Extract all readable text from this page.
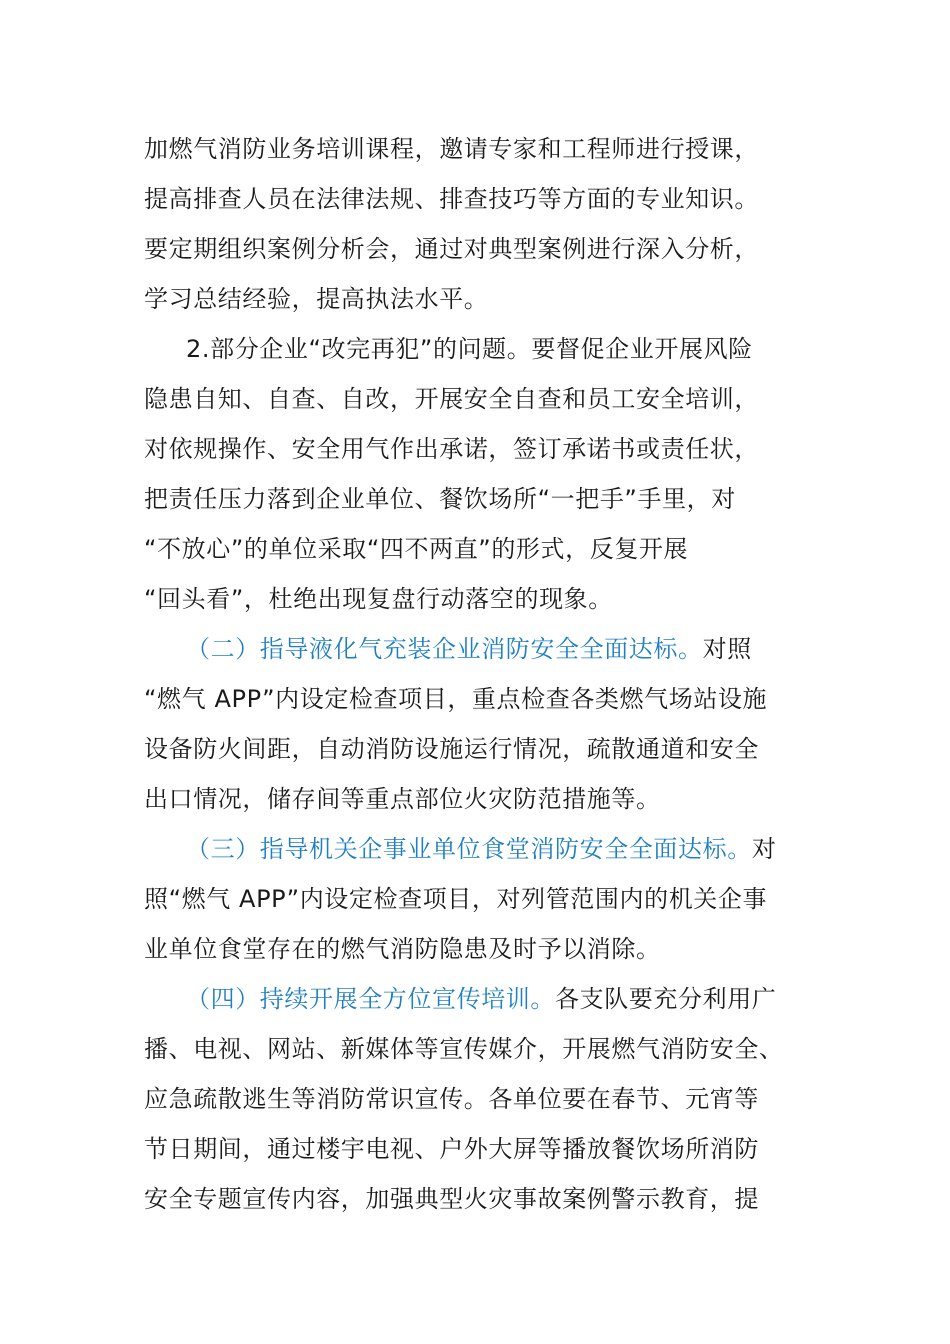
加燃气消防业务培训课程，邀请专家和工程师进行授课，
提高排查人员在法律法规、排查技巧等方面的专业知识。
要定期组织案例分析会，通过对典型案例进行深入分析，
学习总结经验，提高执法水平。
2.部分企业“改完再犯”的问题。要督促企业开展风险
隐患自知、自查、自改，开展安全自查和员工安全培训，
对依规操作、安全用气作出承诺，签订承诺书或责任状，
把责任压力落到企业单位、餐饮场所“一把手”手里，对
“不放心”的单位采取“四不两直”的形式，反复开展
“回头看”，杜绝出现复盘行动落空的现象。
（二）指导液化气充装企业消防安全全面达标。对照
“燃气 APP”内设定检查项目，重点检查各类燃气场站设施
设备防火间距，自动消防设施运行情况，疏散通道和安全
出口情况，储存间等重点部位火灾防范措施等。
（三）指导机关企事业单位食堂消防安全全面达标。对
照“燃气 APP”内设定检查项目，对列管范围内的机关企事
业单位食堂存在的燃气消防隐患及时予以消除。
（四）持续开展全方位宣传培训。各支队要充分利用广
播、电视、网站、新媒体等宣传媒介，开展燃气消防安全、
应急疏散逃生等消防常识宣传。各单位要在春节、元宵等
节日期间，通过楼宇电视、户外大屏等播放餐饮场所消防
安全专题宣传内容，加强典型火灾事故案例警示教育，提
